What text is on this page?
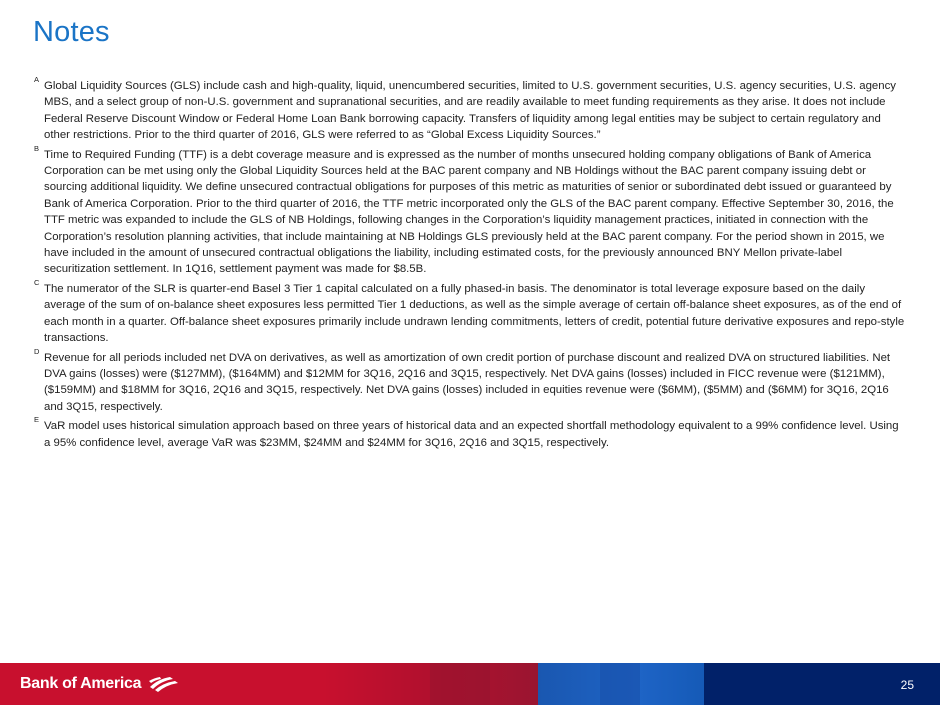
Notes
A
Global Liquidity Sources (GLS) include cash and high-quality, liquid, unencumbered securities, limited to U.S. government securities, U.S. agency securities, U.S. agency MBS, and a select group of non-U.S. government and supranational securities, and are readily available to meet funding requirements as they arise. It does not include Federal Reserve Discount Window or Federal Home Loan Bank borrowing capacity. Transfers of liquidity among legal entities may be subject to certain regulatory and other restrictions. Prior to the third quarter of 2016, GLS were referred to as “Global Excess Liquidity Sources.”
B
Time to Required Funding (TTF) is a debt coverage measure and is expressed as the number of months unsecured holding company obligations of Bank of America Corporation can be met using only the Global Liquidity Sources held at the BAC parent company and NB Holdings without the BAC parent company issuing debt or sourcing additional liquidity. We define unsecured contractual obligations for purposes of this metric as maturities of senior or subordinated debt issued or guaranteed by Bank of America Corporation. Prior to the third quarter of 2016, the TTF metric incorporated only the GLS of the BAC parent company. Effective September 30, 2016, the TTF metric was expanded to include the GLS of NB Holdings, following changes in the Corporation’s liquidity management practices, initiated in connection with the Corporation’s resolution planning activities, that include maintaining at NB Holdings GLS previously held at the BAC parent company. For the period shown in 2015, we have included in the amount of unsecured contractual obligations the liability, including estimated costs, for the previously announced BNY Mellon private-label securitization settlement. In 1Q16, settlement payment was made for $8.5B.
C
The numerator of the SLR is quarter-end Basel 3 Tier 1 capital calculated on a fully phased-in basis. The denominator is total leverage exposure based on the daily average of the sum of on-balance sheet exposures less permitted Tier 1 deductions, as well as the simple average of certain off-balance sheet exposures, as of the end of each month in a quarter. Off-balance sheet exposures primarily include undrawn lending commitments, letters of credit, potential future derivative exposures and repo-style transactions.
D
Revenue for all periods included net DVA on derivatives, as well as amortization of own credit portion of purchase discount and realized DVA on structured liabilities. Net DVA gains (losses) were ($127MM), ($164MM) and $12MM for 3Q16, 2Q16 and 3Q15, respectively. Net DVA gains (losses) included in FICC revenue were ($121MM), ($159MM) and $18MM for 3Q16, 2Q16 and 3Q15, respectively. Net DVA gains (losses) included in equities revenue were ($6MM), ($5MM) and ($6MM) for 3Q16, 2Q16 and 3Q15, respectively.
E
VaR model uses historical simulation approach based on three years of historical data and an expected shortfall methodology equivalent to a 99% confidence level. Using a 95% confidence level, average VaR was $23MM, $24MM and $24MM for 3Q16, 2Q16 and 3Q15, respectively.
Bank of America	25
